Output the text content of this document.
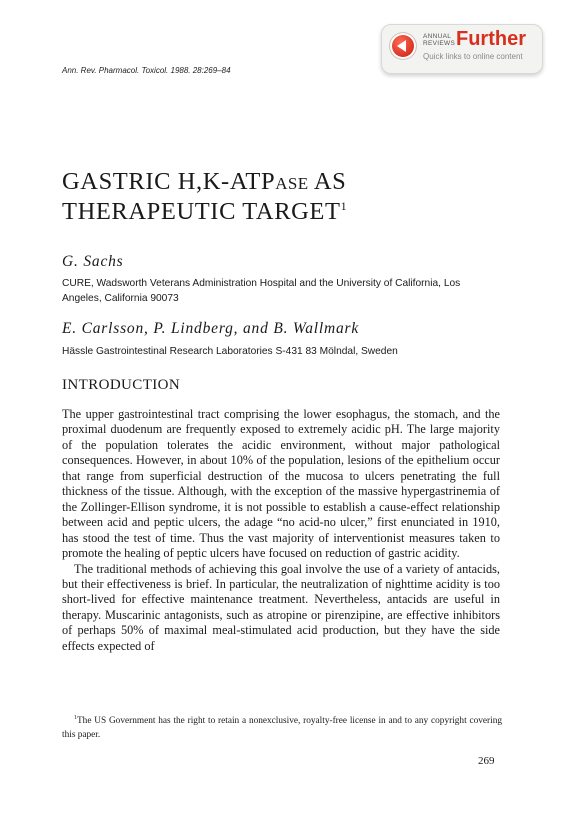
ANNUAL
REVIEWS Further
Quick links to online content
Ann. Rev. Pharmacol. Toxicol. 1988. 28:269–84
GASTRIC H,K-ATPASE AS
THERAPEUTIC TARGET$^1$
G. Sachs
CURE, Wadsworth Veterans Administration Hospital and the University of California, Los Angeles, California 90073
E. Carlsson, P. Lindberg, and B. Wallmark
Hässle Gastrointestinal Research Laboratories S-431 83 Mölndal, Sweden
INTRODUCTION

The upper gastrointestinal tract comprising the lower esophagus, the stomach, and the proximal duodenum are frequently exposed to extremely acidic pH. The large majority of the population tolerates the acidic environment, without major pathological consequences. However, in about 10% of the population, lesions of the epithelium occur that range from superficial destruction of the mucosa to ulcers penetrating the full thickness of the tissue. Although, with the exception of the massive hypergastrinemia of the Zollinger-Ellison syndrome, it is not possible to establish a cause-effect relationship between acid and peptic ulcers, the adage “no acid-no ulcer,” first enunciated in 1910, has stood the test of time. Thus the vast majority of interventionist measures taken to promote the healing of peptic ulcers have focused on reduction of gastric acidity.

The traditional methods of achieving this goal involve the use of a variety of antacids, but their effectiveness is brief. In particular, the neutralization of nighttime acidity is too short-lived for effective maintenance treatment. Nevertheless, antacids are useful in therapy. Muscarinic antagonists, such as atropine or pirenzipine, are effective inhibitors of perhaps 50% of maximal meal-stimulated acid production, but they have the side effects expected of

$^1$The US Government has the right to retain a nonexclusive, royalty-free license in and to any copyright covering this paper.
269
